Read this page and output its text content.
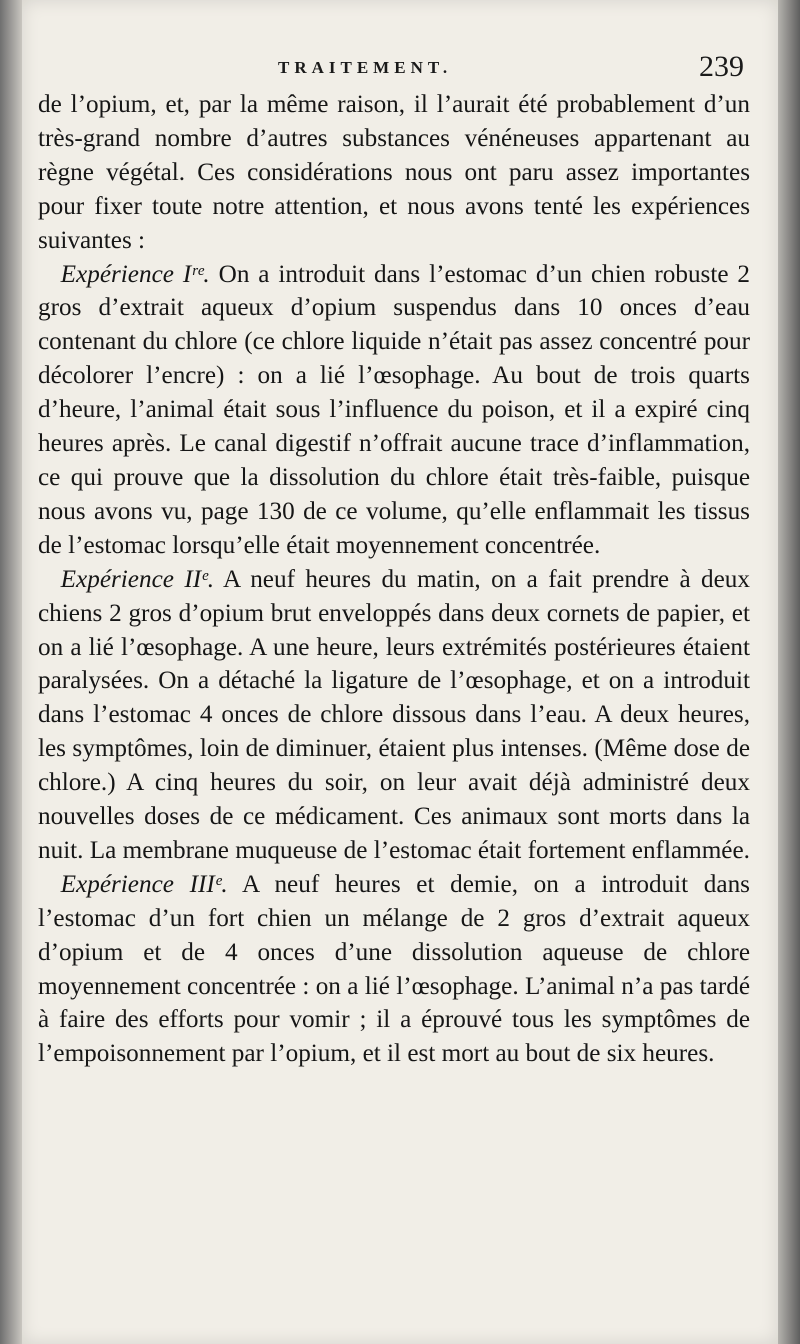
TRAITEMENT.	239

de l’opium, et, par la même raison, il l’aurait été probablement d’un très-grand nombre d’autres substances vénéneuses appartenant au règne végétal. Ces considérations nous ont paru assez importantes pour fixer toute notre attention, et nous avons tenté les expériences suivantes :

Expérience Iʳᵉ. On a introduit dans l’estomac d’un chien robuste 2 gros d’extrait aqueux d’opium suspendus dans 10 onces d’eau contenant du chlore (ce chlore liquide n’était pas assez concentré pour décolorer l’encre) : on a lié l’œsophage. Au bout de trois quarts d’heure, l’animal était sous l’influence du poison, et il a expiré cinq heures après. Le canal digestif n’offrait aucune trace d’inflammation, ce qui prouve que la dissolution du chlore était très-faible, puisque nous avons vu, page 130 de ce volume, qu’elle enflammait les tissus de l’estomac lorsqu’elle était moyennement concentrée.

Expérience IIᵉ. A neuf heures du matin, on a fait prendre à deux chiens 2 gros d’opium brut enveloppés dans deux cornets de papier, et on a lié l’œsophage. A une heure, leurs extrémités postérieures étaient paralysées. On a détaché la ligature de l’œsophage, et on a introduit dans l’estomac 4 onces de chlore dissous dans l’eau. A deux heures, les symptômes, loin de diminuer, étaient plus intenses. (Même dose de chlore.) A cinq heures du soir, on leur avait déjà administré deux nouvelles doses de ce médicament. Ces animaux sont morts dans la nuit. La membrane muqueuse de l’estomac était fortement enflammée.

Expérience IIIᵉ. A neuf heures et demie, on a introduit dans l’estomac d’un fort chien un mélange de 2 gros d’extrait aqueux d’opium et de 4 onces d’une dissolution aqueuse de chlore moyennement concentrée : on a lié l’œsophage. L’animal n’a pas tardé à faire des efforts pour vomir ; il a éprouvé tous les symptômes de l’empoisonnement par l’opium, et il est mort au bout de six heures.
